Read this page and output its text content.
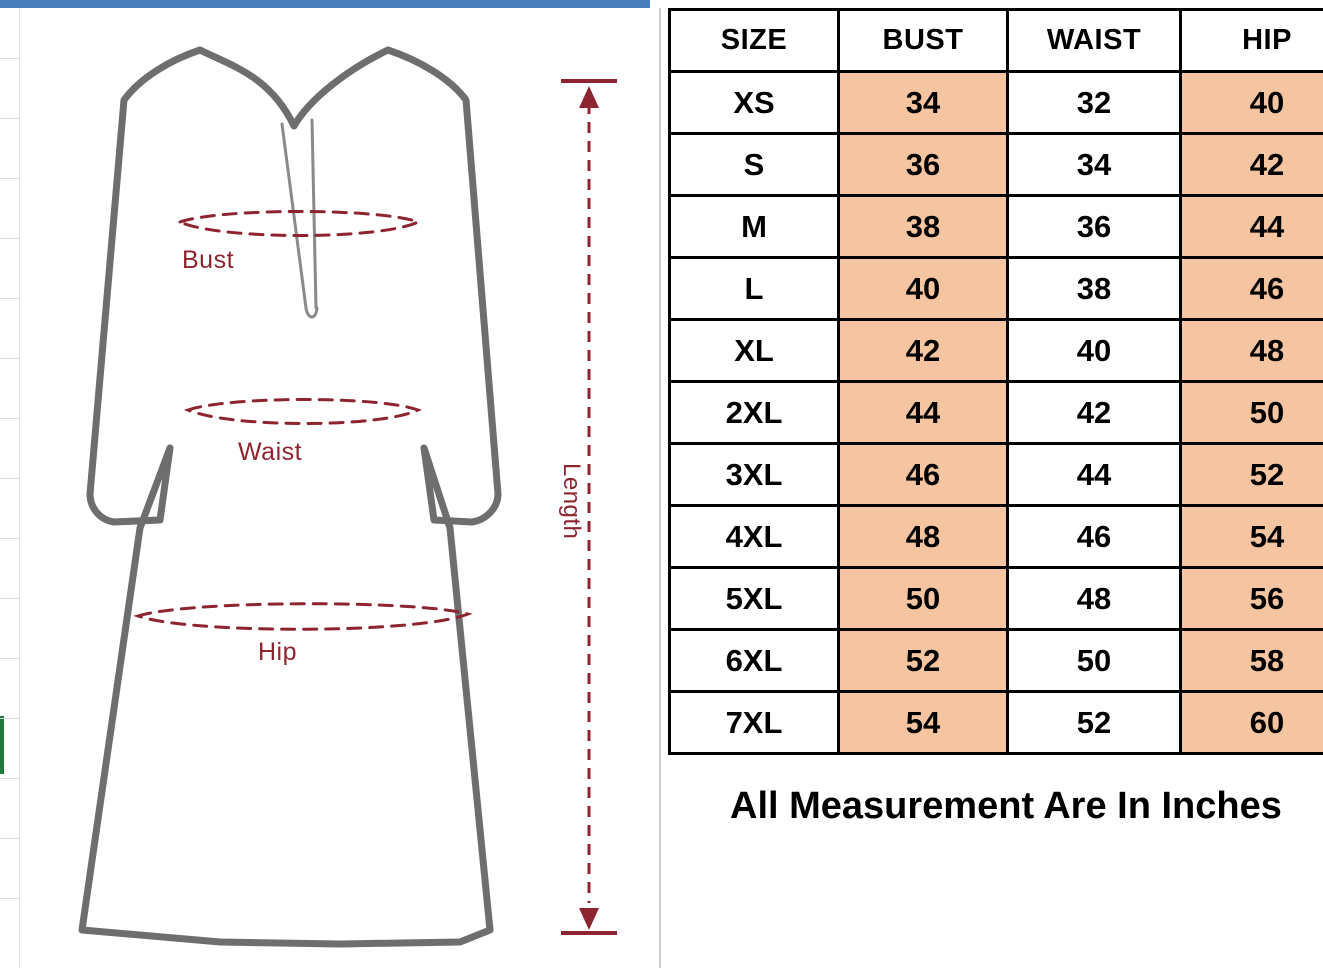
Bust
Waist
Hip
Length
SIZE	BUST	WAIST	HIP
XS	34	32	40
S	36	34	42
M	38	36	44
L	40	38	46
XL	42	40	48
2XL	44	42	50
3XL	46	44	52
4XL	48	46	54
5XL	50	48	56
6XL	52	50	58
7XL	54	52	60
All Measurement Are In Inches
